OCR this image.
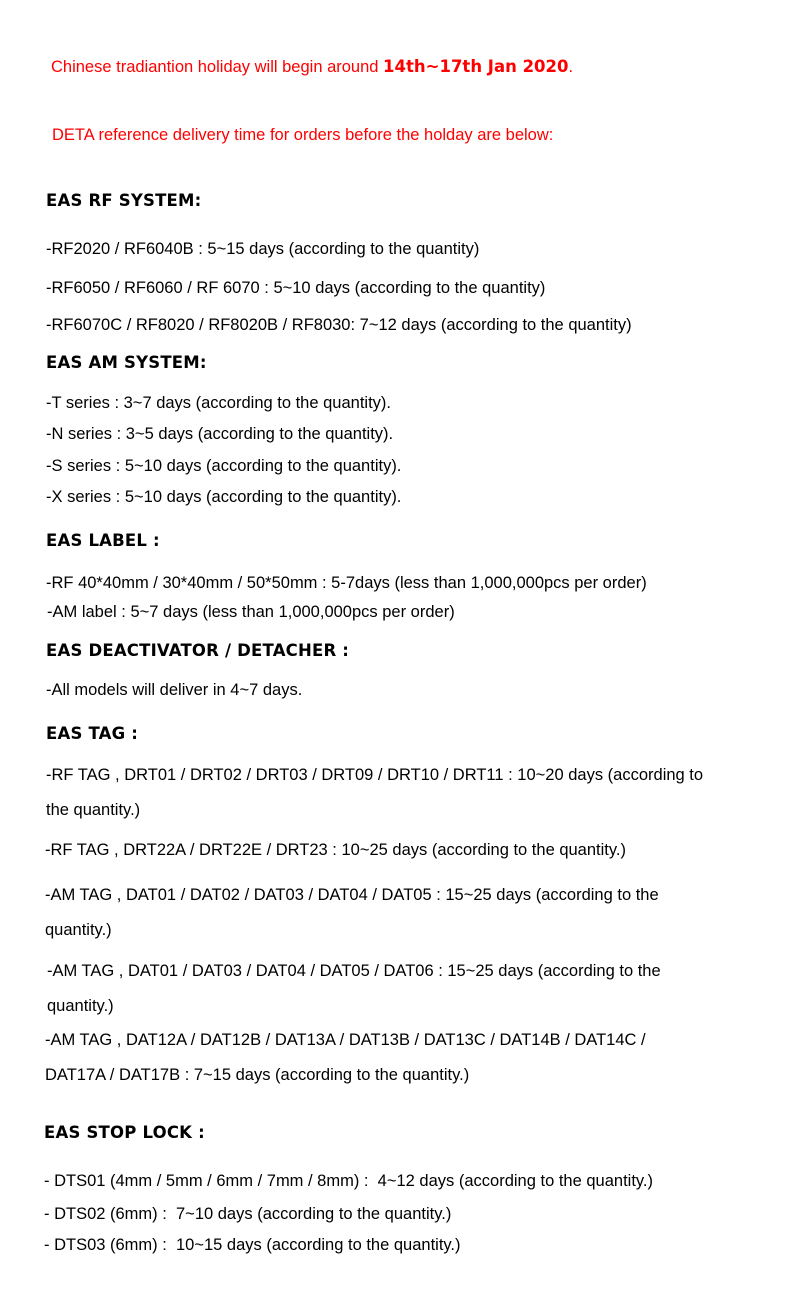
Chinese tradiantion holiday will begin around 14th~17th Jan 2020.
DETA reference delivery time for orders before the holday are below:
EAS RF SYSTEM:
-RF2020 / RF6040B : 5~15 days (according to the quantity)
-RF6050 / RF6060 / RF 6070 : 5~10 days (according to the quantity)
-RF6070C / RF8020 / RF8020B / RF8030: 7~12 days (according to the quantity)
EAS AM SYSTEM:
-T series : 3~7 days (according to the quantity).
-N series : 3~5 days (according to the quantity).
-S series : 5~10 days (according to the quantity).
-X series : 5~10 days (according to the quantity).
EAS LABEL :
-RF 40*40mm / 30*40mm / 50*50mm : 5-7days (less than 1,000,000pcs per order)
-AM label : 5~7 days (less than 1,000,000pcs per order)
EAS DEACTIVATOR / DETACHER :
-All models will deliver in 4~7 days.
EAS TAG :
-RF TAG , DRT01 / DRT02 / DRT03 / DRT09 / DRT10 / DRT11 : 10~20 days (according to
the quantity.)
-RF TAG , DRT22A / DRT22E / DRT23 : 10~25 days (according to the quantity.)
-AM TAG , DAT01 / DAT02 / DAT03 / DAT04 / DAT05 : 15~25 days (according to the
quantity.)
-AM TAG , DAT01 / DAT03 / DAT04 / DAT05 / DAT06 : 15~25 days (according to the
quantity.)
-AM TAG , DAT12A / DAT12B / DAT13A / DAT13B / DAT13C / DAT14B / DAT14C /
DAT17A / DAT17B : 7~15 days (according to the quantity.)
EAS STOP LOCK :
- DTS01 (4mm / 5mm / 6mm / 7mm / 8mm) :  4~12 days (according to the quantity.)
- DTS02 (6mm) :  7~10 days (according to the quantity.)
- DTS03 (6mm) :  10~15 days (according to the quantity.)
